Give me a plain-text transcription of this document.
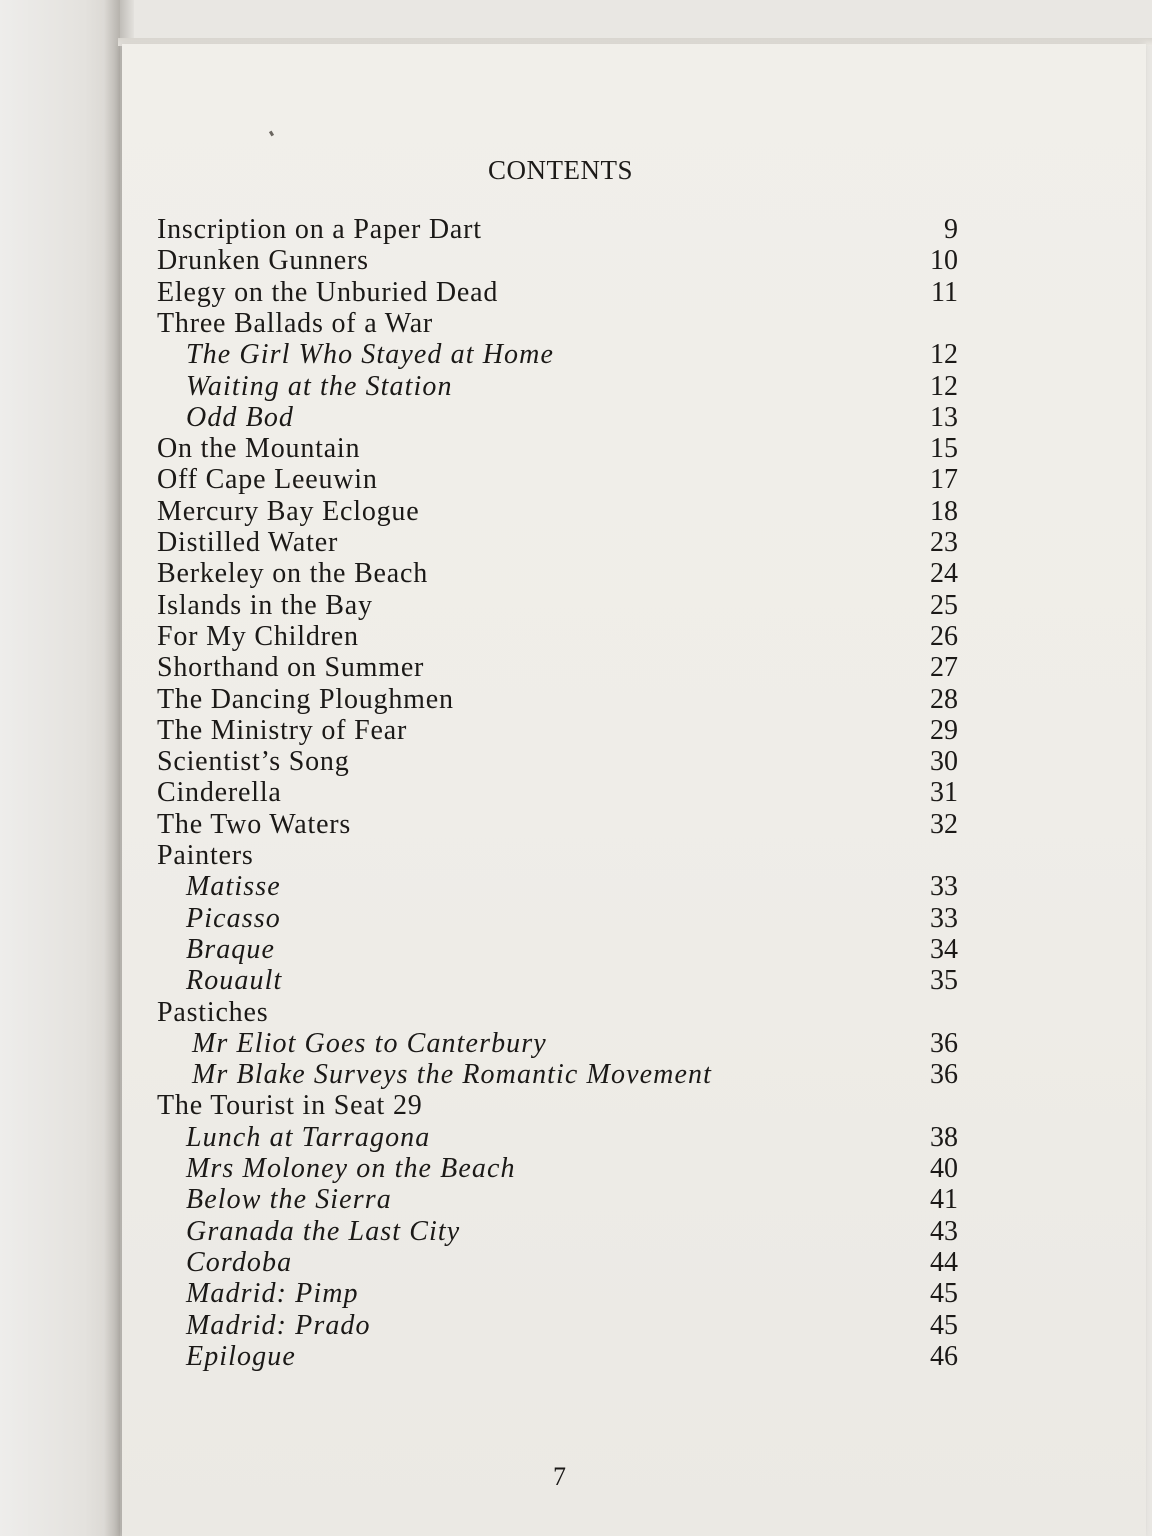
CONTENTS
Inscription on a Paper Dart	9
Drunken Gunners	10
Elegy on the Unburied Dead	11
Three Ballads of a War
The Girl Who Stayed at Home	12
Waiting at the Station	12
Odd Bod	13
On the Mountain	15
Off Cape Leeuwin	17
Mercury Bay Eclogue	18
Distilled Water	23
Berkeley on the Beach	24
Islands in the Bay	25
For My Children	26
Shorthand on Summer	27
The Dancing Ploughmen	28
The Ministry of Fear	29
Scientist’s Song	30
Cinderella	31
The Two Waters	32
Painters
Matisse	33
Picasso	33
Braque	34
Rouault	35
Pastiches
Mr Eliot Goes to Canterbury	36
Mr Blake Surveys the Romantic Movement	36
The Tourist in Seat 29
Lunch at Tarragona	38
Mrs Moloney on the Beach	40
Below the Sierra	41
Granada the Last City	43
Cordoba	44
Madrid: Pimp	45
Madrid: Prado	45
Epilogue	46
7
